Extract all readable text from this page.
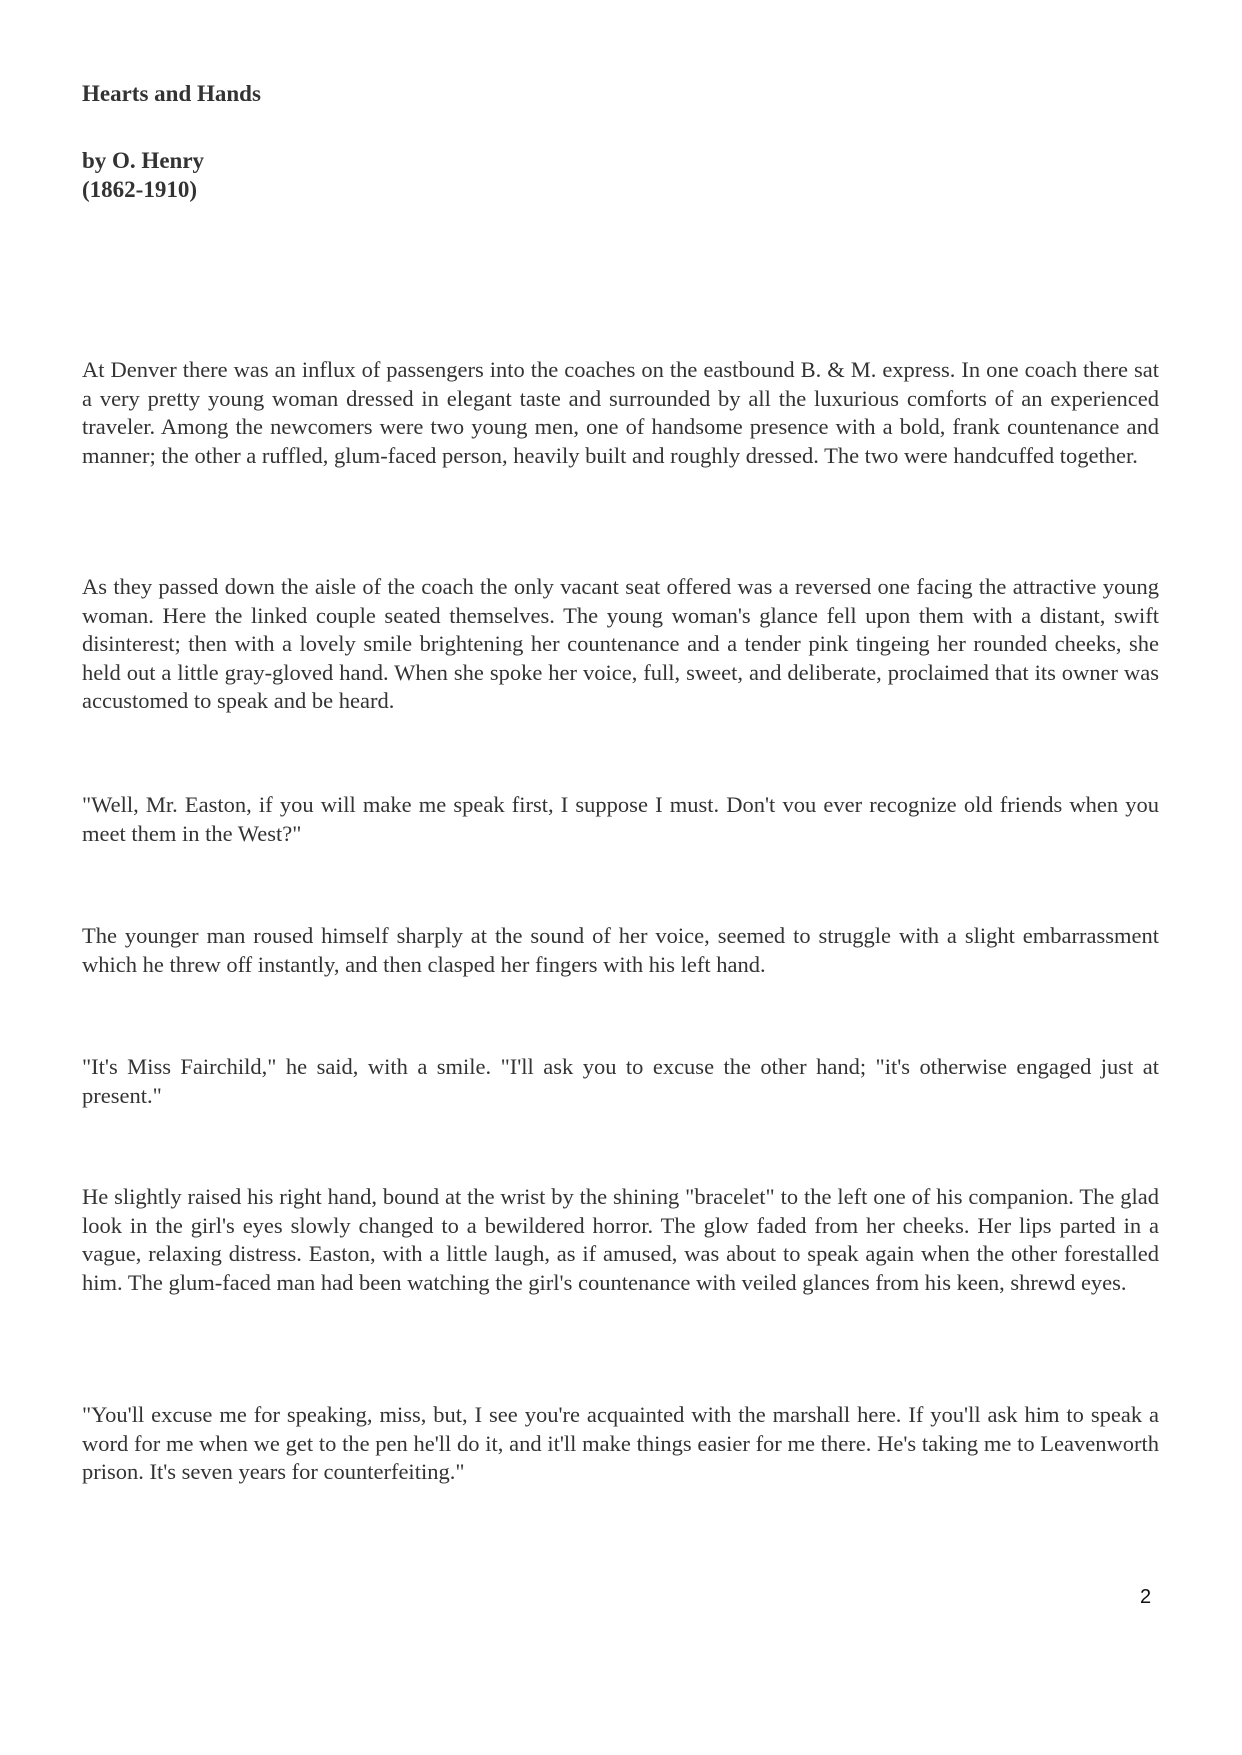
Hearts and Hands
by O. Henry
(1862-1910)

At Denver there was an influx of passengers into the coaches on the eastbound B. & M. express. In one coach there sat a very pretty young woman dressed in elegant taste and surrounded by all the luxurious comforts of an experienced traveler. Among the newcomers were two young men, one of handsome presence with a bold, frank countenance and manner; the other a ruffled, glum-faced person, heavily built and roughly dressed. The two were handcuffed together.

As they passed down the aisle of the coach the only vacant seat offered was a reversed one facing the attractive young woman. Here the linked couple seated themselves. The young woman's glance fell upon them with a distant, swift disinterest; then with a lovely smile brightening her countenance and a tender pink tingeing her rounded cheeks, she held out a little gray-gloved hand. When she spoke her voice, full, sweet, and deliberate, proclaimed that its owner was accustomed to speak and be heard.

"Well, Mr. Easton, if you will make me speak first, I suppose I must. Don't vou ever recognize old friends when you meet them in the West?"

The younger man roused himself sharply at the sound of her voice, seemed to struggle with a slight embarrassment which he threw off instantly, and then clasped her fingers with his left hand.

"It's Miss Fairchild," he said, with a smile. "I'll ask you to excuse the other hand; "it's otherwise engaged just at present."

He slightly raised his right hand, bound at the wrist by the shining "bracelet" to the left one of his companion. The glad look in the girl's eyes slowly changed to a bewildered horror. The glow faded from her cheeks. Her lips parted in a vague, relaxing distress. Easton, with a little laugh, as if amused, was about to speak again when the other forestalled him. The glum-faced man had been watching the girl's countenance with veiled glances from his keen, shrewd eyes.

"You'll excuse me for speaking, miss, but, I see you're acquainted with the marshall here. If you'll ask him to speak a word for me when we get to the pen he'll do it, and it'll make things easier for me there. He's taking me to Leavenworth prison. It's seven years for counterfeiting."

2
